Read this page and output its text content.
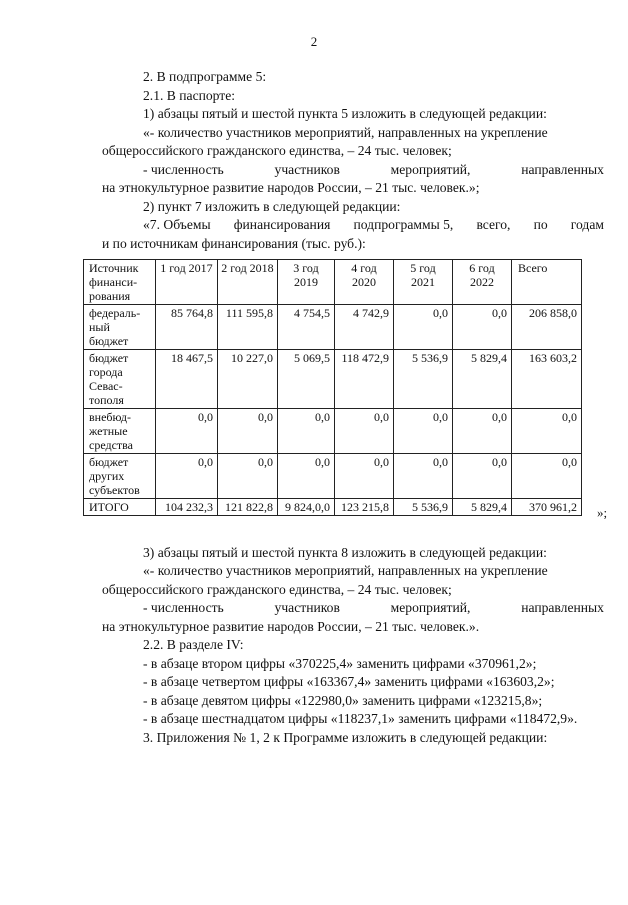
2
2. В подпрограмме 5:
2.1. В паспорте:
1) абзацы пятый и шестой пункта 5 изложить в следующей редакции:
«- количество участников мероприятий, направленных на укрепление
общероссийского гражданского единства, – 24 тыс. человек;
- численность	участников	мероприятий,	направленных
на этнокультурное развитие народов России, – 21 тыс. человек.»;
2) пункт 7 изложить в следующей редакции:
«7. Объемы финансирования подпрограммы 5, всего, по годам
и по источникам финансирования (тыс. руб.):
Источник финанси-рования	1 год 2017	2 год 2018	3 год 2019	4 год 2020	5 год 2021	6 год 2022	Всего
федераль-ный бюджет	85 764,8	111 595,8	4 754,5	4 742,9	0,0	0,0	206 858,0
бюджет города Севас-тополя	18 467,5	10 227,0	5 069,5	118 472,9	5 536,9	5 829,4	163 603,2
внебюд-жетные средства	0,0	0,0	0,0	0,0	0,0	0,0	0,0
бюджет других субъектов	0,0	0,0	0,0	0,0	0,0	0,0	0,0
ИТОГО	104 232,3	121 822,8	9 824,0,0	123 215,8	5 536,9	5 829,4	370 961,2 »;
3) абзацы пятый и шестой пункта 8 изложить в следующей редакции:
«- количество участников мероприятий, направленных на укрепление
общероссийского гражданского единства, – 24 тыс. человек;
- численность	участников	мероприятий,	направленных
на этнокультурное развитие народов России, – 21 тыс. человек.».
2.2. В разделе IV:
- в абзаце втором цифры «370225,4» заменить цифрами «370961,2»;
- в абзаце четвертом цифры «163367,4» заменить цифрами «163603,2»;
- в абзаце девятом цифры «122980,0» заменить цифрами «123215,8»;
- в абзаце шестнадцатом цифры «118237,1» заменить цифрами «118472,9».
3. Приложения № 1, 2 к Программе изложить в следующей редакции:
